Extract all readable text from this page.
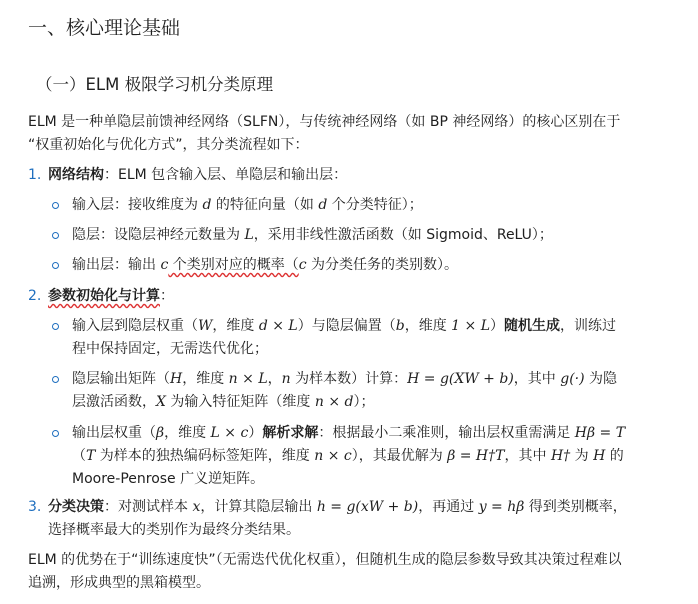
一、核心理论基础
（一）ELM 极限学习机分类原理
ELM 是一种单隐层前馈神经网络（SLFN），与传统神经网络（如 BP 神经网络）的核心区别在于
“权重初始化与优化方式”，其分类流程如下：
1. 网络结构：ELM 包含输入层、单隐层和输出层：
输入层：接收维度为 d 的特征向量（如 d 个分类特征）；
隐层：设隐层神经元数量为 L，采用非线性激活函数（如 Sigmoid、ReLU）；
输出层：输出 c 个类别对应的概率（c 为分类任务的类别数）。
2. 参数初始化与计算：
输入层到隐层权重（W，维度 d × L）与隐层偏置（b，维度 1 × L）随机生成，训练过
程中保持固定，无需迭代优化；
隐层输出矩阵（H，维度 n × L，n 为样本数）计算：H = g(XW + b)，其中 g(·) 为隐
层激活函数，X 为输入特征矩阵（维度 n × d）；
输出层权重（β，维度 L × c）解析求解：根据最小二乘准则，输出层权重需满足 Hβ = T
（T 为样本的独热编码标签矩阵，维度 n × c），其最优解为 β = H†T，其中 H† 为 H 的
Moore-Penrose 广义逆矩阵。
3. 分类决策：对测试样本 x，计算其隐层输出 h = g(xW + b)，再通过 y = hβ 得到类别概率，
选择概率最大的类别作为最终分类结果。
ELM 的优势在于“训练速度快”（无需迭代优化权重），但随机生成的隐层参数导致其决策过程难以
追溯，形成典型的黑箱模型。
